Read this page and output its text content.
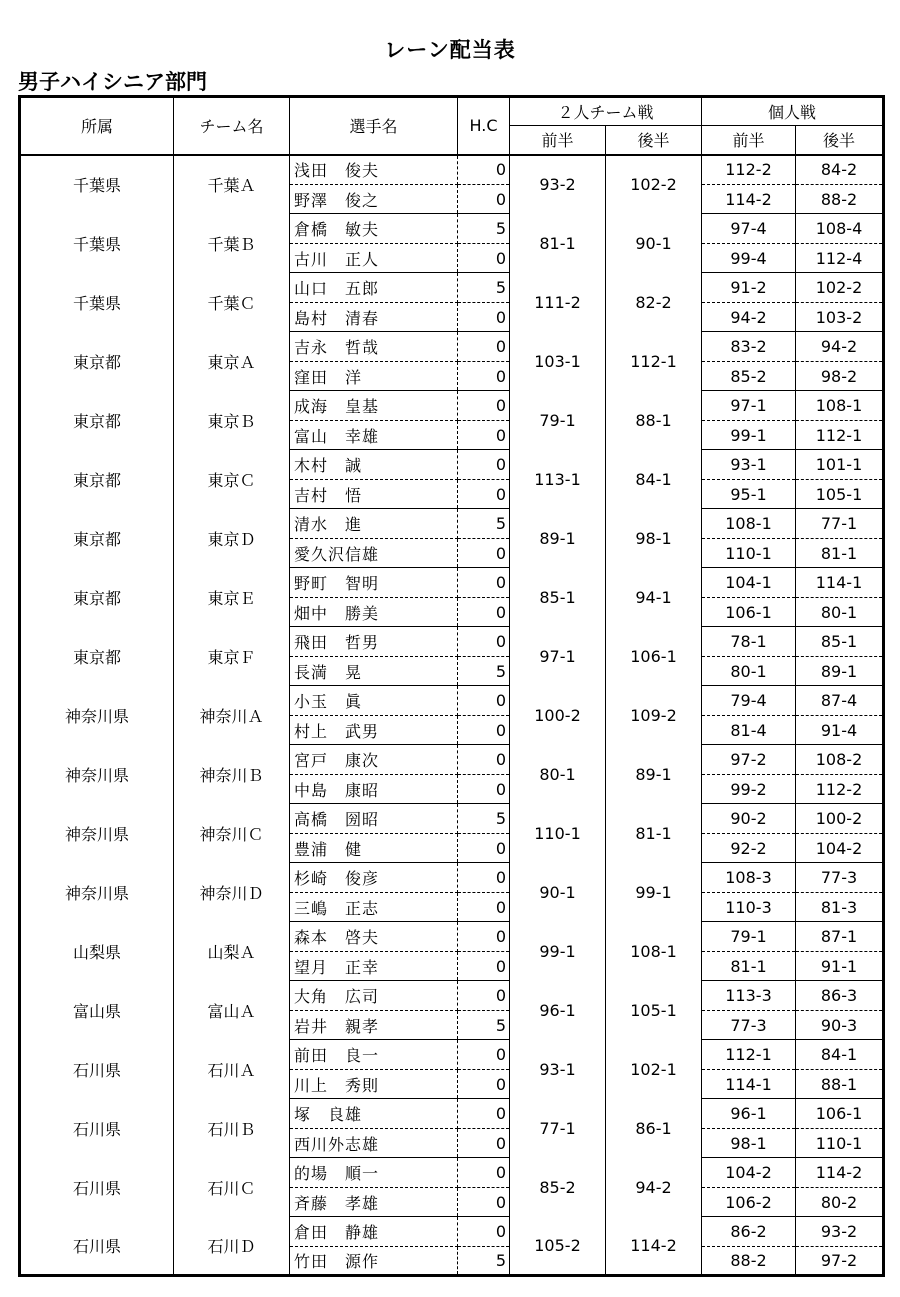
レーン配当表
男子ハイシニア部門
所属	チーム名	選手名	H.C	２人チーム戦		個人戦	
				前半	後半	前半	後半
千葉県	千葉Ａ	浅田　俊夫	0	93-2	102-2	112-2	84-2
		野澤　俊之	0			114-2	88-2
千葉県	千葉Ｂ	倉橋　敏夫	5	81-1	90-1	97-4	108-4
		古川　正人	0			99-4	112-4
千葉県	千葉Ｃ	山口　五郎	5	111-2	82-2	91-2	102-2
		島村　清春	0			94-2	103-2
東京都	東京Ａ	吉永　哲哉	0	103-1	112-1	83-2	94-2
		窪田　洋	0			85-2	98-2
東京都	東京Ｂ	成海　皇基	0	79-1	88-1	97-1	108-1
		富山　幸雄	0			99-1	112-1
東京都	東京Ｃ	木村　誠	0	113-1	84-1	93-1	101-1
		吉村　悟	0			95-1	105-1
東京都	東京Ｄ	清水　進	5	89-1	98-1	108-1	77-1
		愛久沢信雄	0			110-1	81-1
東京都	東京Ｅ	野町　智明	0	85-1	94-1	104-1	114-1
		畑中　勝美	0			106-1	80-1
東京都	東京Ｆ	飛田　哲男	0	97-1	106-1	78-1	85-1
		長満　晃	5			80-1	89-1
神奈川県	神奈川Ａ	小玉　眞	0	100-2	109-2	79-4	87-4
		村上　武男	0			81-4	91-4
神奈川県	神奈川Ｂ	宮戸　康次	0	80-1	89-1	97-2	108-2
		中島　康昭	0			99-2	112-2
神奈川県	神奈川Ｃ	高橋　圀昭	5	110-1	81-1	90-2	100-2
		豊浦　健	0			92-2	104-2
神奈川県	神奈川Ｄ	杉崎　俊彦	0	90-1	99-1	108-3	77-3
		三嶋　正志	0			110-3	81-3
山梨県	山梨Ａ	森本　啓夫	0	99-1	108-1	79-1	87-1
		望月　正幸	0			81-1	91-1
富山県	富山Ａ	大角　広司	0	96-1	105-1	113-3	86-3
		岩井　親孝	5			77-3	90-3
石川県	石川Ａ	前田　良一	0	93-1	102-1	112-1	84-1
		川上　秀則	0			114-1	88-1
石川県	石川Ｂ	塚　良雄	0	77-1	86-1	96-1	106-1
		西川外志雄	0			98-1	110-1
石川県	石川Ｃ	的場　順一	0	85-2	94-2	104-2	114-2
		斉藤　孝雄	0			106-2	80-2
石川県	石川Ｄ	倉田　静雄	0	105-2	114-2	86-2	93-2
		竹田　源作	5			88-2	97-2
